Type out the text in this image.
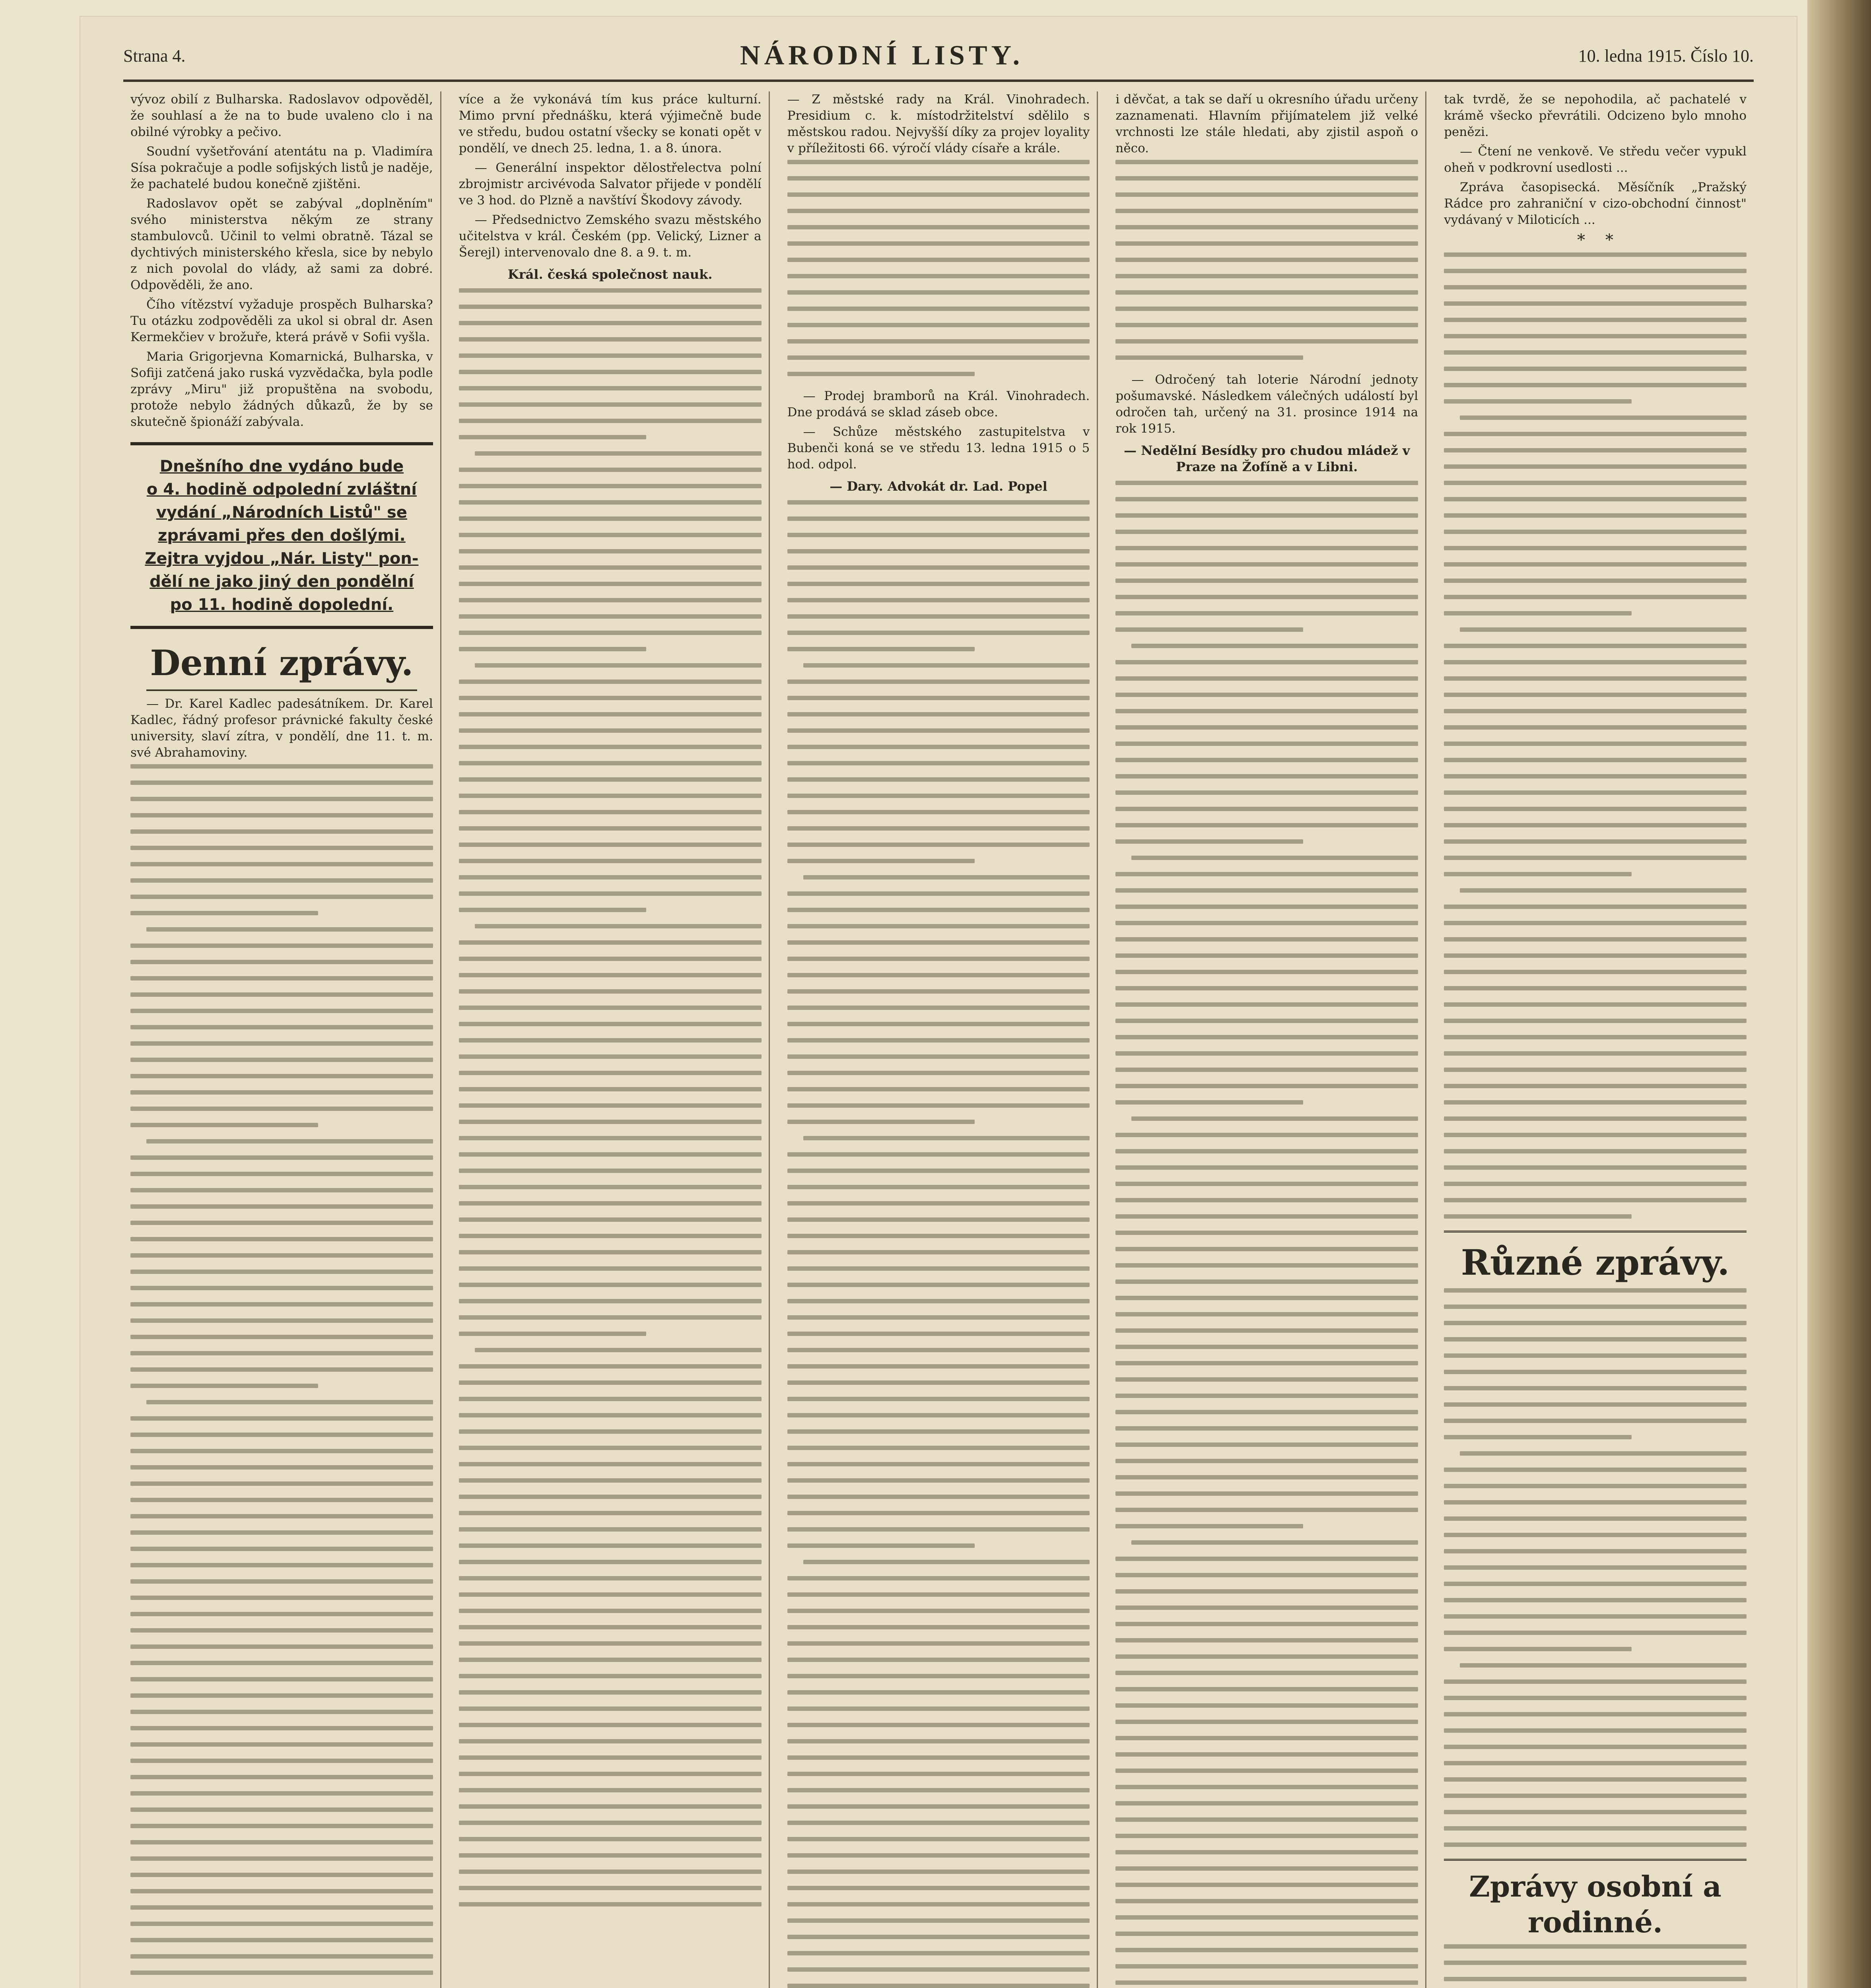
Strana 4.	NÁRODNÍ LISTY.	10. ledna 1915. Číslo 10.

vývoz obilí z Bulharska. Radoslavov odpověděl, že souhlasí a že na to bude uvaleno clo i na obilné výrobky a pečivo.

Soudní vyšetřování atentátu na p. Vladimíra Sísa pokračuje a podle sofijských listů je naděje, že pachatelé budou konečně zjištěni.

Radoslavov opět se zabýval „doplněním" svého ministerstva někým ze strany stambulovců. Učinil to velmi obratně. Tázal se dychtivých ministerského křesla, sice by nebylo z nich povolal do vlády, až sami za dobré. Odpověděli, že ano.

Čího vítězství vyžaduje prospěch Bulharska? Tu otázku zodpověděli za ukol si obral dr. Asen Kermekčiev v brožuře, která právě v Sofii vyšla.

Maria Grigorjevna Komarnická, Bulharska, v Sofiji zatčená jako ruská vyzvědačka, byla podle zprávy „Miru" již propuštěna na svobodu, protože nebylo žádných důkazů, že by se skutečně špionáží zabývala.

Dnešního dne vydáno bude
o 4. hodině odpolední zvláštní
vydání „Národních Listů" se
zprávami přes den došlými.
Zejtra vyjdou „Nár. Listy" pon-
dělí ne jako jiný den pondělní
po 11. hodině dopolední.
Denní zprávy.

— Dr. Karel Kadlec padesátníkem. Dr. Karel Kadlec, řádný profesor právnické fakulty české university, slaví zítra, v pondělí, dne 11. t. m. své Abrahamoviny.

více a že vykonává tím kus práce kulturní. Mimo první přednášku, která výjimečně bude ve středu, budou ostatní všecky se konati opět v pondělí, ve dnech 25. ledna, 1. a 8. února.

— Generální inspektor dělostřelectva polní zbrojmistr arcivévoda Salvator přijede v pondělí ve 3 hod. do Plzně a navštíví Škodovy závody.

— Předsednictvo Zemského svazu městského učitelstva v král. Českém (pp. Velický, Lizner a Šerejl) intervenovalo dne 8. a 9. t. m.

Král. česká společnost nauk.

— Z městské rady na Král. Vinohradech. Presidium c. k. místodržitelství sdělilo s městskou radou. Nejvyšší díky za projev loyality v příležitosti 66. výročí vlády císaře a krále.

— Prodej bramborů na Král. Vinohradech. Dne prodává se sklad záseb obce.

— Schůze městského zastupitelstva v Bubenči koná se ve středu 13. ledna 1915 o 5 hod. odpol.

— Dary. Advokát dr. Lad. Popel

i děvčat, a tak se daří u okresního úřadu určeny zaznamenati. Hlavním přijímatelem již velké vrchnosti lze stále hledati, aby zjistil aspoň o něco.

— Odročený tah loterie Národní jednoty pošumavské. Následkem válečných událostí byl odročen tah, určený na 31. prosince 1914 na rok 1915.

— Nedělní Besídky pro chudou mládež v Praze na Žofíně a v Libni.

tak tvrdě, že se nepohodila, ač pachatelé v krámě všecko převrátili. Odcizeno bylo mnoho penězi.

— Čtení ne venkově. Ve středu večer vypukl oheň v podkrovní usedlosti ...

Zpráva časopisecká. Měsíčník „Pražský Rádce pro zahraniční v cizo-obchodní činnost" vydávaný v Miloticích ...

*    *
Různé zprávy.
Zprávy osobní a rodinné.
